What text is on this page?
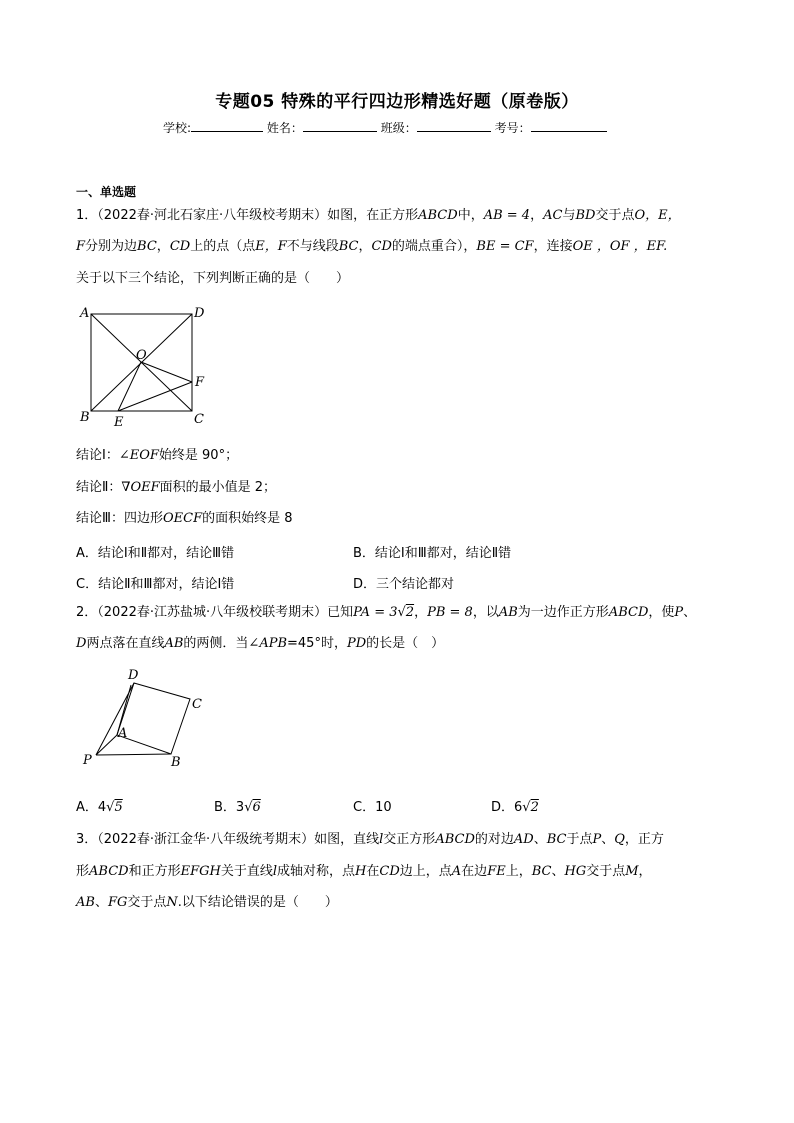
专题05 特殊的平行四边形精选好题（原卷版）
学校:	姓名：	班级：	考号：
一、单选题
1．（2022春·河北石家庄·八年级校考期末）如图，在正方形ABCD中，AB = 4，AC与BD交于点O，E，
F分别为边BC，CD上的点（点E，F不与线段BC，CD的端点重合），BE = CF，连接OE ，OF ，EF.
关于以下三个结论，下列判断正确的是（　　）
A	D
O
F
B	C
E
结论Ⅰ：∠EOF始终是 90°；
结论Ⅱ：∇OEF面积的最小值是 2；
结论Ⅲ：四边形OECF的面积始终是 8
A．结论Ⅰ和Ⅱ都对，结论Ⅲ错	B．结论Ⅰ和Ⅲ都对，结论Ⅱ错
C．结论Ⅱ和Ⅲ都对，结论Ⅰ错	D．三个结论都对
2．（2022春·江苏盐城·八年级校联考期末）已知PA = 3√2，PB = 8，以AB为一边作正方形ABCD，使P、
D两点落在直线AB的两侧．当∠APB=45°时，PD的长是（　）
D
C
A
P	B
A．4√5	B．3√6	C．10	D．6√2
3．（2022春·浙江金华·八年级统考期末）如图，直线l交正方形ABCD的对边AD、BC于点P、Q，正方
形ABCD和正方形EFGH关于直线l成轴对称，点H在CD边上，点A在边FE上，BC、HG交于点M，
AB、FG交于点N.以下结论错误的是（　　）
